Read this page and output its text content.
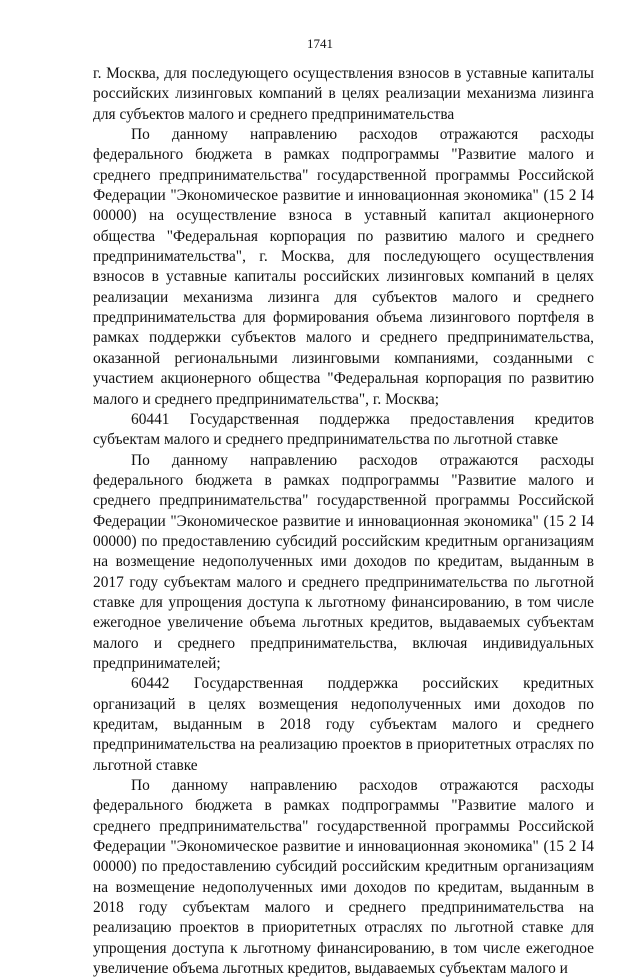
1741

г. Москва, для последующего осуществления взносов в уставные капиталы российских лизинговых компаний в целях реализации механизма лизинга для субъектов малого и среднего предпринимательства

По данному направлению расходов отражаются расходы федерального бюджета в рамках подпрограммы "Развитие малого и среднего предпринимательства" государственной программы Российской Федерации "Экономическое развитие и инновационная экономика" (15 2 I4 00000) на осуществление взноса в уставный капитал акционерного общества "Федеральная корпорация по развитию малого и среднего предпринимательства", г. Москва, для последующего осуществления взносов в уставные капиталы российских лизинговых компаний в целях реализации механизма лизинга для субъектов малого и среднего предпринимательства для формирования объема лизингового портфеля в рамках поддержки субъектов малого и среднего предпринимательства, оказанной региональными лизинговыми компаниями, созданными с участием акционерного общества "Федеральная корпорация по развитию малого и среднего предпринимательства", г. Москва;

60441 Государственная поддержка предоставления кредитов субъектам малого и среднего предпринимательства по льготной ставке

По данному направлению расходов отражаются расходы федерального бюджета в рамках подпрограммы "Развитие малого и среднего предпринимательства" государственной программы Российской Федерации "Экономическое развитие и инновационная экономика" (15 2 I4 00000) по предоставлению субсидий российским кредитным организациям на возмещение недополученных ими доходов по кредитам, выданным в 2017 году субъектам малого и среднего предпринимательства по льготной ставке для упрощения доступа к льготному финансированию, в том числе ежегодное увеличение объема льготных кредитов, выдаваемых субъектам малого и среднего предпринимательства, включая индивидуальных предпринимателей;

60442 Государственная поддержка российских кредитных организаций в целях возмещения недополученных ими доходов по кредитам, выданным в 2018 году субъектам малого и среднего предпринимательства на реализацию проектов в приоритетных отраслях по льготной ставке

По данному направлению расходов отражаются расходы федерального бюджета в рамках подпрограммы "Развитие малого и среднего предпринимательства" государственной программы Российской Федерации "Экономическое развитие и инновационная экономика" (15 2 I4 00000) по предоставлению субсидий российским кредитным организациям на возмещение недополученных ими доходов по кредитам, выданным в 2018 году субъектам малого и среднего предпринимательства на реализацию проектов в приоритетных отраслях по льготной ставке для упрощения доступа к льготному финансированию, в том числе ежегодное увеличение объема льготных кредитов, выдаваемых субъектам малого и
